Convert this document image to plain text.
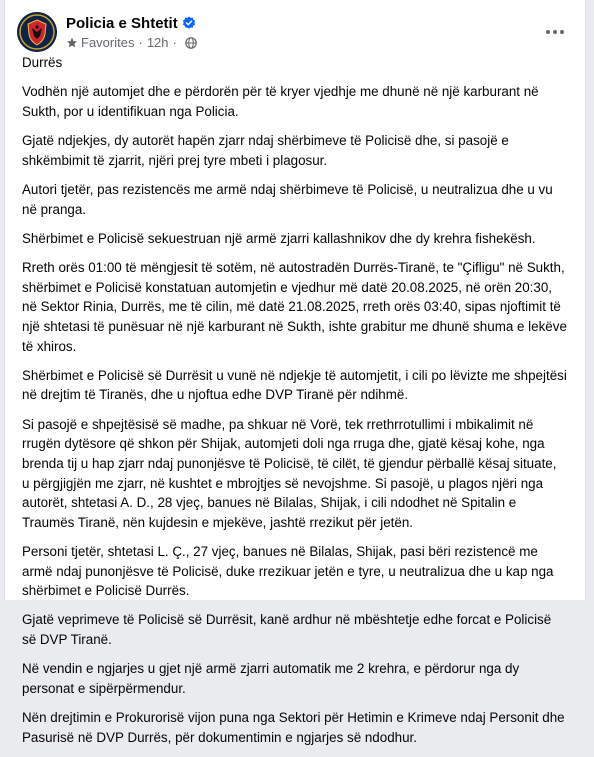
Policia e Shtetit
Favorites · 12h ·

Durrës

Vodhën një automjet dhe e përdorën për të kryer vjedhje me dhunë në një karburant në Sukth, por u identifikuan nga Policia.

Gjatë ndjekjes, dy autorët hapën zjarr ndaj shërbimeve të Policisë dhe, si pasojë e shkëmbimit të zjarrit, njëri prej tyre mbeti i plagosur.

Autori tjetër, pas rezistencës me armë ndaj shërbimeve të Policisë, u neutralizua dhe u vu në pranga.

Shërbimet e Policisë sekuestruan një armë zjarri kallashnikov dhe dy krehra fishekësh.

Rreth orës 01:00 të mëngjesit të sotëm, në autostradën Durrës-Tiranë, te "Çifligu" në Sukth, shërbimet e Policisë konstatuan automjetin e vjedhur më datë 20.08.2025, në orën 20:30, në Sektor Rinia, Durrës, me të cilin, më datë 21.08.2025, rreth orës 03:40, sipas njoftimit të një shtetasi të punësuar në një karburant në Sukth, ishte grabitur me dhunë shuma e lekëve të xhiros.

Shërbimet e Policisë së Durrësit u vunë në ndjekje të automjetit, i cili po lëvizte me shpejtësi në drejtim të Tiranës, dhe u njoftua edhe DVP Tiranë për ndihmë.

Si pasojë e shpejtësisë së madhe, pa shkuar në Vorë, tek rrethrrotullimi i mbikalimit në rrugën dytësore që shkon për Shijak, automjeti doli nga rruga dhe, gjatë kësaj kohe, nga brenda tij u hap zjarr ndaj punonjësve të Policisë, të cilët, të gjendur përballë kësaj situate, u përgjigjën me zjarr, në kushtet e mbrojtjes së nevojshme. Si pasojë, u plagos njëri nga autorët, shtetasi A. D., 28 vjeç, banues në Bilalas, Shijak, i cili ndodhet në Spitalin e Traumës Tiranë, nën kujdesin e mjekëve, jashtë rrezikut për jetën.

Personi tjetër, shtetasi L. Ç., 27 vjeç, banues në Bilalas, Shijak, pasi bëri rezistencë me armë ndaj punonjësve të Policisë, duke rrezikuar jetën e tyre, u neutralizua dhe u kap nga shërbimet e Policisë Durrës.

Gjatë veprimeve të Policisë së Durrësit, kanë ardhur në mbështetje edhe forcat e Policisë së DVP Tiranë.

Në vendin e ngjarjes u gjet një armë zjarri automatik me 2 krehra, e përdorur nga dy personat e sipërpërmendur.

Nën drejtimin e Prokurorisë vijon puna nga Sektori për Hetimin e Krimeve ndaj Personit dhe Pasurisë në DVP Durrës, për dokumentimin e ngjarjes së ndodhur.
